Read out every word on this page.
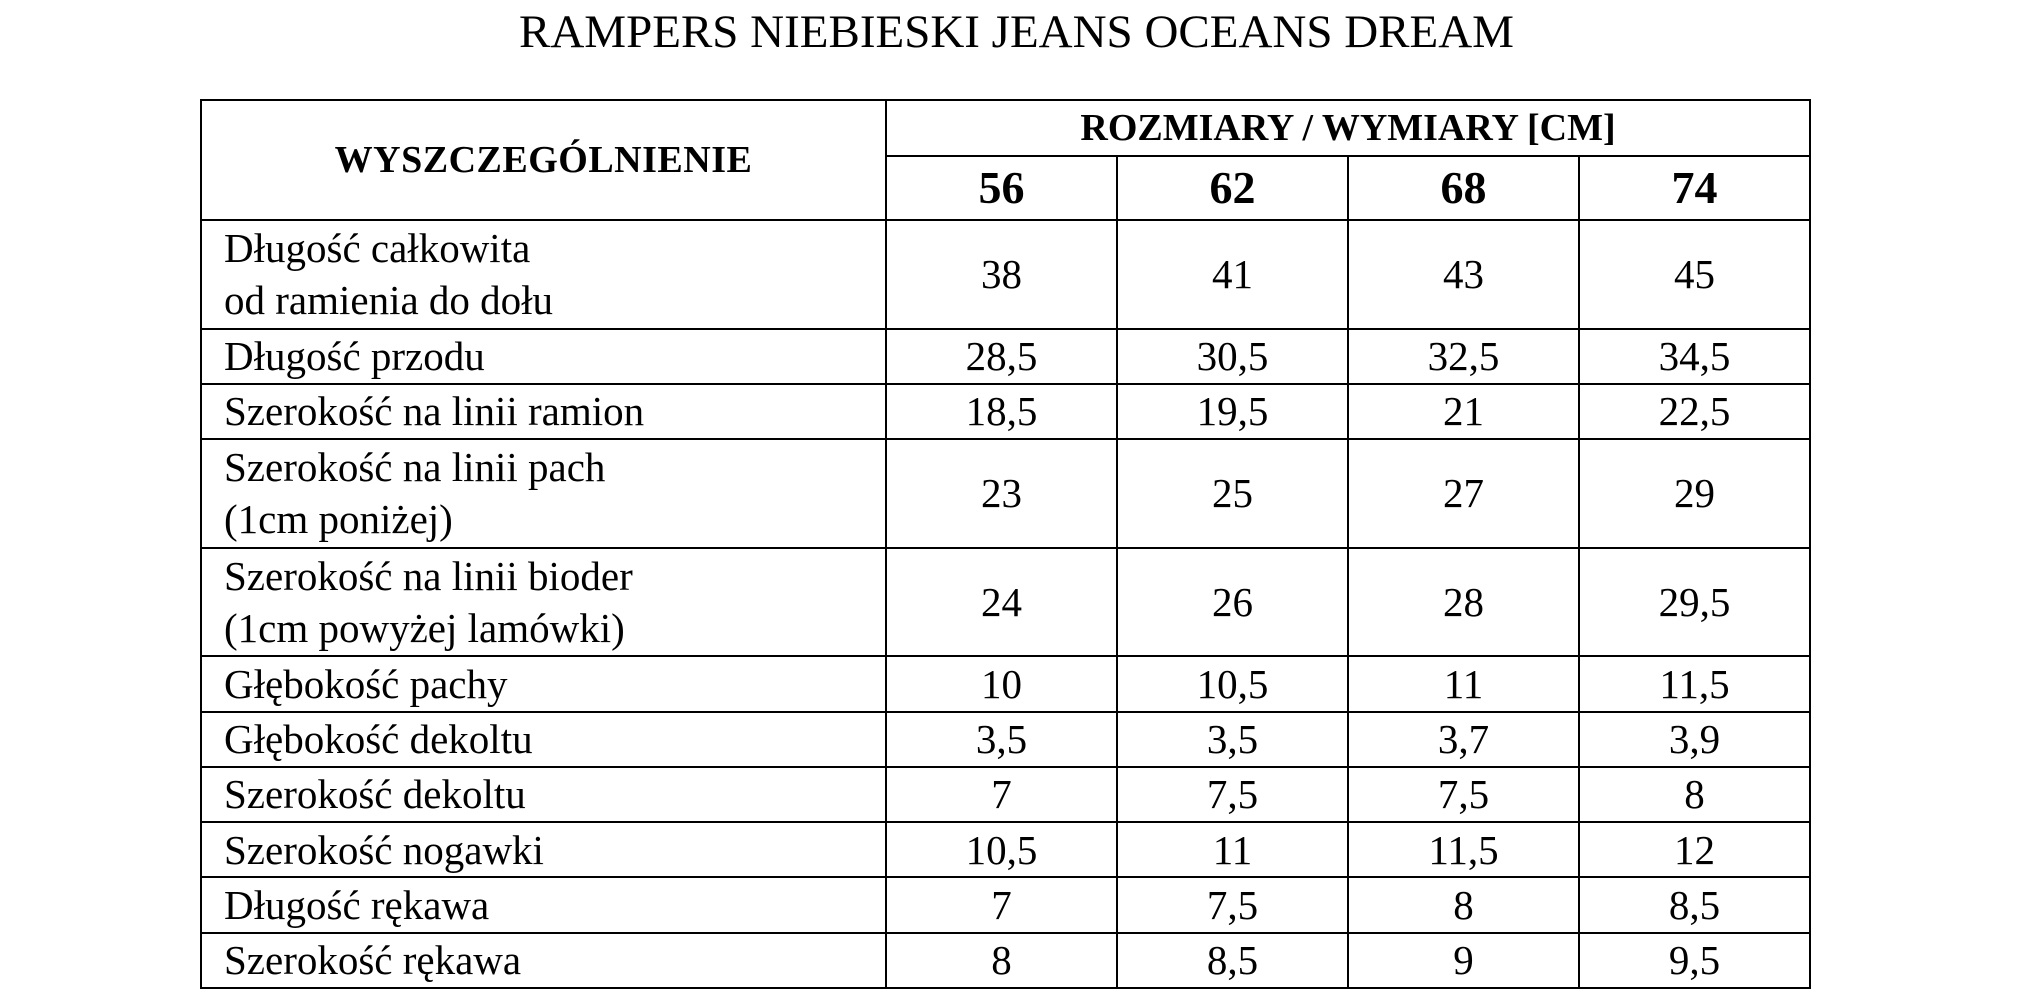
RAMPERS NIEBIESKI JEANS OCEANS DREAM
WYSZCZEGÓLNIENIE	ROZMIARY / WYMIARY [CM]			
	56	62	68	74

Długość całkowita
od ramienia do dołu	38	41	43	45
Długość przodu	28,5	30,5	32,5	34,5
Szerokość na linii ramion	18,5	19,5	21	22,5

Szerokość na linii pach
(1cm poniżej)	23	25	27	29

Szerokość na linii bioder
(1cm powyżej lamówki)	24	26	28	29,5
Głębokość pachy	10	10,5	11	11,5
Głębokość dekoltu	3,5	3,5	3,7	3,9
Szerokość dekoltu	7	7,5	7,5	8
Szerokość nogawki	10,5	11	11,5	12
Długość rękawa	7	7,5	8	8,5
Szerokość rękawa	8	8,5	9	9,5
